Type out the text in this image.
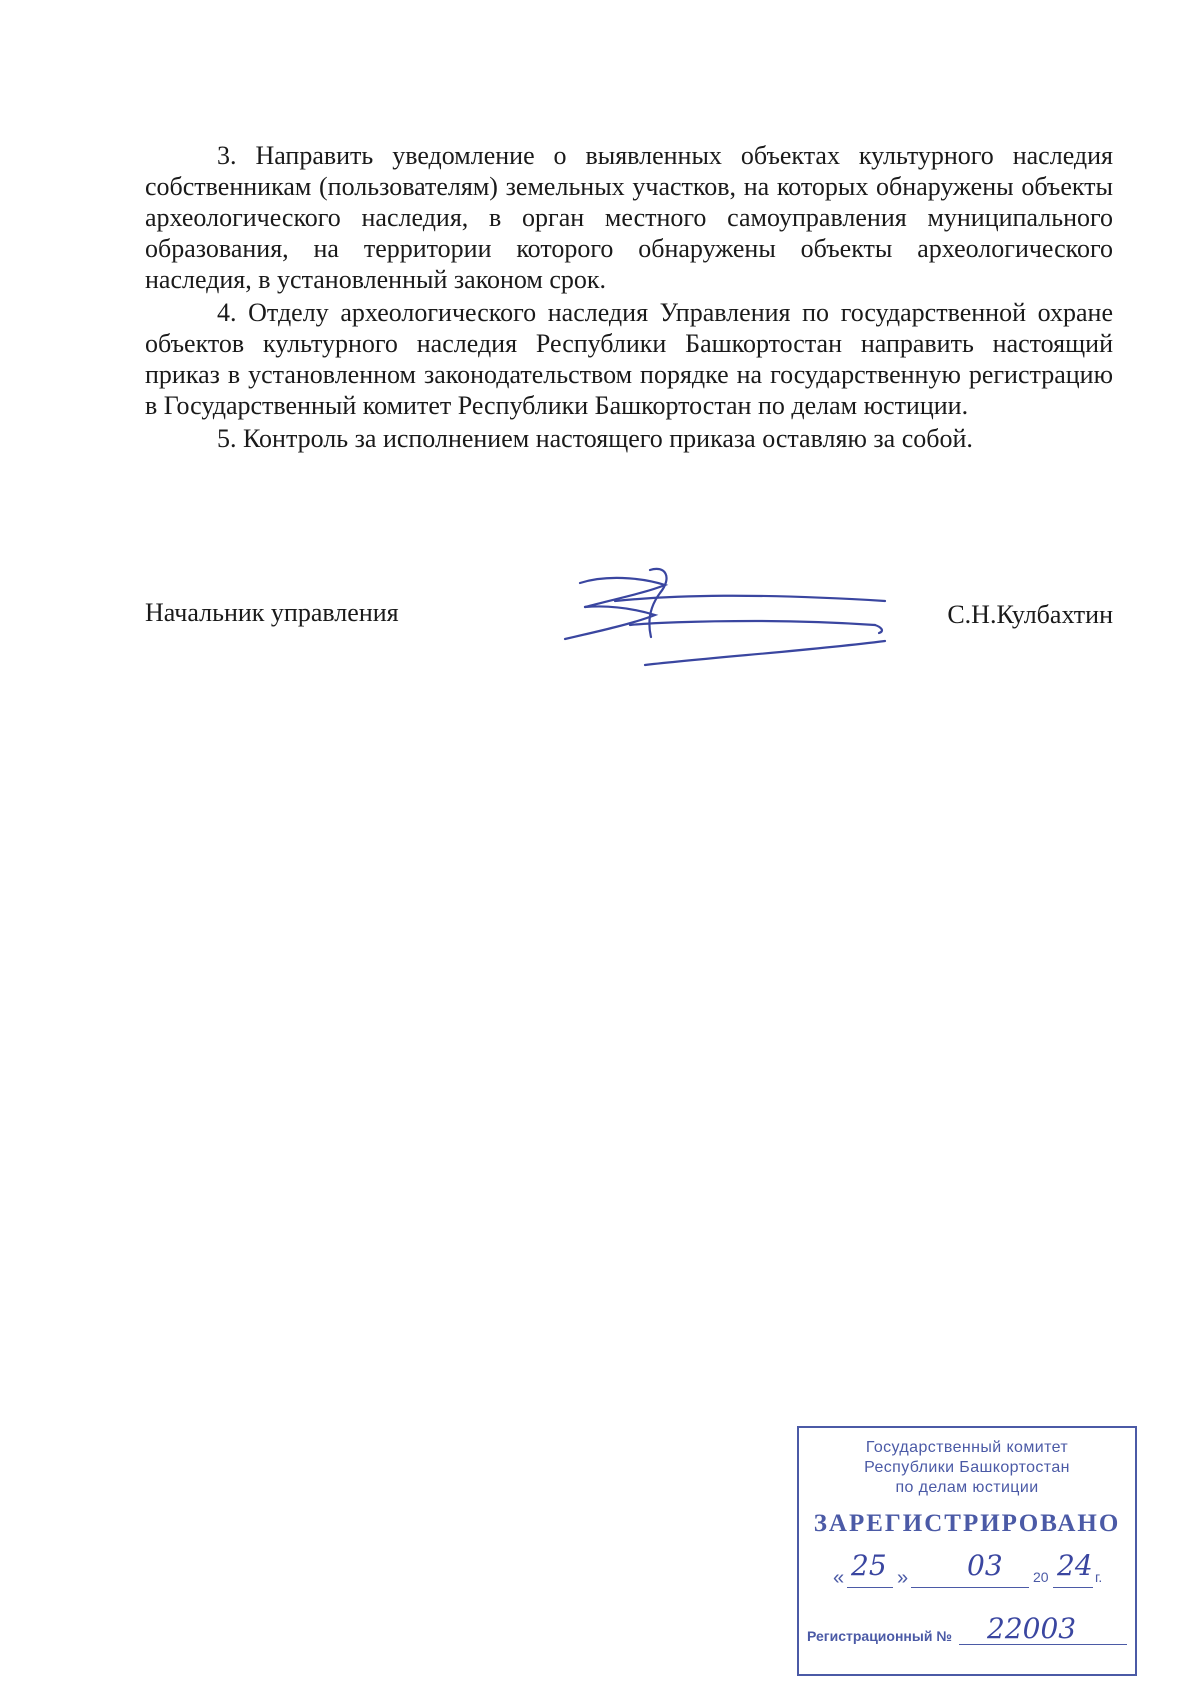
3. Направить уведомление о выявленных объектах культурного наследия собственникам (пользователям) земельных участков, на которых обнаружены объекты археологического наследия, в орган местного самоуправления муниципального образования, на территории которого обнаружены объекты археологического наследия, в установленный законом срок.

4. Отделу археологического наследия Управления по государственной охране объектов культурного наследия Республики Башкортостан направить настоящий приказ в установленном законодательством порядке на государственную регистрацию в Государственный комитет Республики Башкортостан по делам юстиции.

5. Контроль за исполнением настоящего приказа оставляю за собой.

Начальник управления	С.Н.Кулбахтин
Государственный комитет
Республики Башкортостан
по делам юстиции
ЗАРЕГИСТРИРОВАНО
« 25 » 03 20 24 г.
Регистрационный № 22003
